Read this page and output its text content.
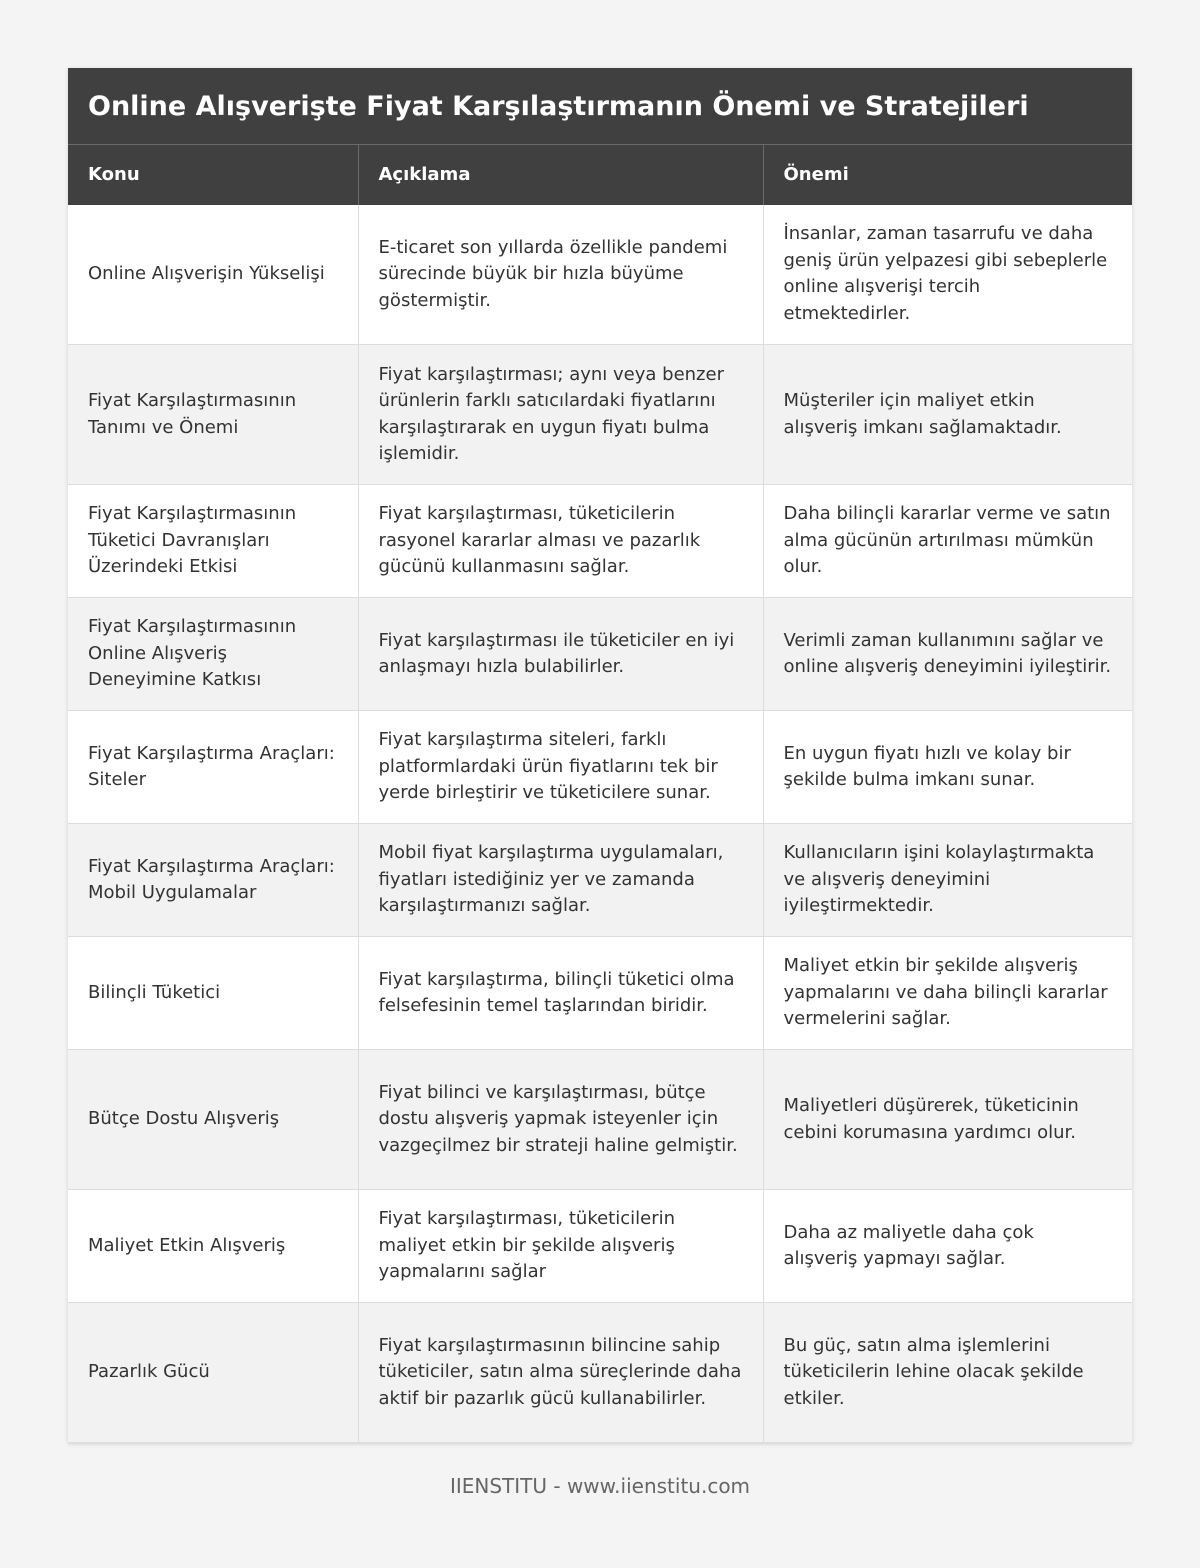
Online Alışverişte Fiyat Karşılaştırmanın Önemi ve Stratejileri
Konu	Açıklama	Önemi
Online Alışverişin Yükselişi	E-ticaret son yıllarda özellikle pandemi sürecinde büyük bir hızla büyüme göstermiştir.	İnsanlar, zaman tasarrufu ve daha geniş ürün yelpazesi gibi sebeplerle online alışverişi tercih etmektedirler.
Fiyat Karşılaştırmasının Tanımı ve Önemi	Fiyat karşılaştırması; aynı veya benzer ürünlerin farklı satıcılardaki fiyatlarını karşılaştırarak en uygun fiyatı bulma işlemidir.	Müşteriler için maliyet etkin alışveriş imkanı sağlamaktadır.
Fiyat Karşılaştırmasının Tüketici Davranışları Üzerindeki Etkisi	Fiyat karşılaştırması, tüketicilerin rasyonel kararlar alması ve pazarlık gücünü kullanmasını sağlar.	Daha bilinçli kararlar verme ve satın alma gücünün artırılması mümkün olur.
Fiyat Karşılaştırmasının Online Alışveriş Deneyimine Katkısı	Fiyat karşılaştırması ile tüketiciler en iyi anlaşmayı hızla bulabilirler.	Verimli zaman kullanımını sağlar ve online alışveriş deneyimini iyileştirir.
Fiyat Karşılaştırma Araçları: Siteler	Fiyat karşılaştırma siteleri, farklı platformlardaki ürün fiyatlarını tek bir yerde birleştirir ve tüketicilere sunar.	En uygun fiyatı hızlı ve kolay bir şekilde bulma imkanı sunar.
Fiyat Karşılaştırma Araçları: Mobil Uygulamalar	Mobil fiyat karşılaştırma uygulamaları, fiyatları istediğiniz yer ve zamanda karşılaştırmanızı sağlar.	Kullanıcıların işini kolaylaştırmakta ve alışveriş deneyimini iyileştirmektedir.
Bilinçli Tüketici	Fiyat karşılaştırma, bilinçli tüketici olma felsefesinin temel taşlarından biridir.	Maliyet etkin bir şekilde alışveriş yapmalarını ve daha bilinçli kararlar vermelerini sağlar.
Bütçe Dostu Alışveriş	Fiyat bilinci ve karşılaştırması, bütçe dostu alışveriş yapmak isteyenler için vazgeçilmez bir strateji haline gelmiştir.	Maliyetleri düşürerek, tüketicinin cebini korumasına yardımcı olur.
Maliyet Etkin Alışveriş	Fiyat karşılaştırması, tüketicilerin maliyet etkin bir şekilde alışveriş yapmalarını sağlar	Daha az maliyetle daha çok alışveriş yapmayı sağlar.
Pazarlık Gücü	Fiyat karşılaştırmasının bilincine sahip tüketiciler, satın alma süreçlerinde daha aktif bir pazarlık gücü kullanabilirler.	Bu güç, satın alma işlemlerini tüketicilerin lehine olacak şekilde etkiler.
IIENSTITU - www.iienstitu.com
